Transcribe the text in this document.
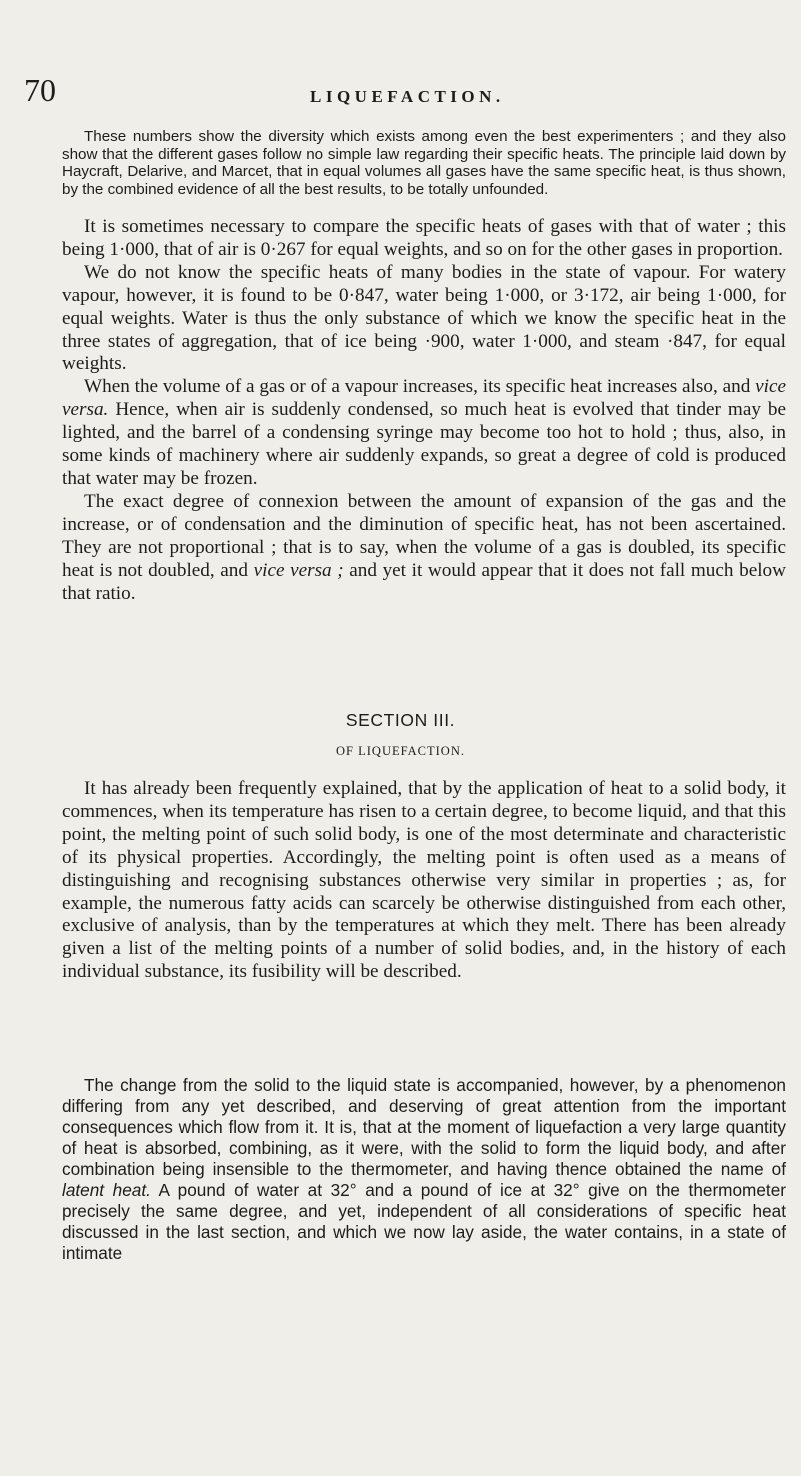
70	LIQUEFACTION.

These numbers show the diversity which exists among even the best experimenters ; and they also show that the different gases follow no simple law regarding their specific heats. The principle laid down by Haycraft, Delarive, and Marcet, that in equal volumes all gases have the same specific heat, is thus shown, by the combined evidence of all the best results, to be totally unfounded.

It is sometimes necessary to compare the specific heats of gases with that of water ; this being 1·000, that of air is 0·267 for equal weights, and so on for the other gases in proportion.

We do not know the specific heats of many bodies in the state of vapour. For watery vapour, however, it is found to be 0·847, water being 1·000, or 3·172, air being 1·000, for equal weights. Water is thus the only substance of which we know the specific heat in the three states of aggregation, that of ice being ·900, water 1·000, and steam ·847, for equal weights.

When the volume of a gas or of a vapour increases, its specific heat increases also, and vice versa. Hence, when air is suddenly condensed, so much heat is evolved that tinder may be lighted, and the barrel of a condensing syringe may become too hot to hold ; thus, also, in some kinds of machinery where air suddenly expands, so great a degree of cold is produced that water may be frozen.

The exact degree of connexion between the amount of expansion of the gas and the increase, or of condensation and the diminution of specific heat, has not been ascertained. They are not proportional ; that is to say, when the volume of a gas is doubled, its specific heat is not doubled, and vice versa ; and yet it would appear that it does not fall much below that ratio.

SECTION III.
OF LIQUEFACTION.

It has already been frequently explained, that by the application of heat to a solid body, it commences, when its temperature has risen to a certain degree, to become liquid, and that this point, the melting point of such solid body, is one of the most determinate and characteristic of its physical properties. Accordingly, the melting point is often used as a means of distinguishing and recognising substances otherwise very similar in properties ; as, for example, the numerous fatty acids can scarcely be otherwise distinguished from each other, exclusive of analysis, than by the temperatures at which they melt. There has been already given a list of the melting points of a number of solid bodies, and, in the history of each individual substance, its fusibility will be described.

The change from the solid to the liquid state is accompanied, however, by a phenomenon differing from any yet described, and deserving of great attention from the important consequences which flow from it. It is, that at the moment of liquefaction a very large quantity of heat is absorbed, combining, as it were, with the solid to form the liquid body, and after combination being insensible to the thermometer, and having thence obtained the name of latent heat. A pound of water at 32° and a pound of ice at 32° give on the thermometer precisely the same degree, and yet, independent of all considerations of specific heat discussed in the last section, and which we now lay aside, the water contains, in a state of intimate
